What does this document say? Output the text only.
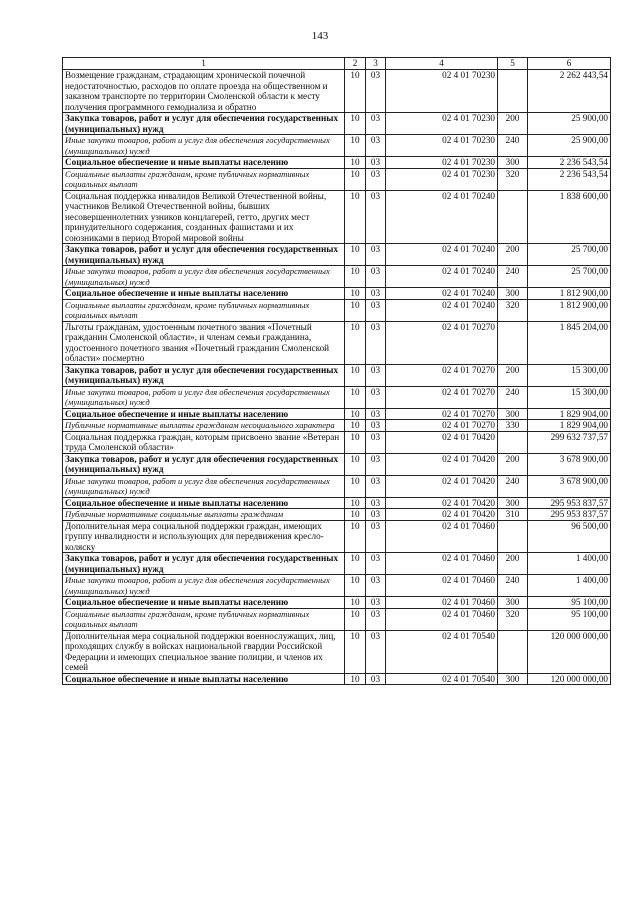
143
1	2	3	4	5	6
Возмещение гражданам, страдающим хронической почечной недостаточностью, расходов по оплате проезда на общественном и заказном транспорте по территории Смоленской области к месту получения программного гемодиализа и обратно	10	03	02 4 01 70230		2 262 443,54
Закупка товаров, работ и услуг для обеспечения государственных (муниципальных) нужд	10	03	02 4 01 70230	200	25 900,00
Иные закупки товаров, работ и услуг для обеспечения государственных (муниципальных) нужд	10	03	02 4 01 70230	240	25 900,00
Социальное обеспечение и иные выплаты населению	10	03	02 4 01 70230	300	2 236 543,54
Социальные выплаты гражданам, кроме публичных нормативных социальных выплат	10	03	02 4 01 70230	320	2 236 543,54
Социальная поддержка инвалидов Великой Отечественной войны, участников Великой Отечественной войны, бывших несовершеннолетних узников концлагерей, гетто, других мест принудительного содержания, созданных фашистами и их союзниками в период Второй мировой войны	10	03	02 4 01 70240		1 838 600,00
Закупка товаров, работ и услуг для обеспечения государственных (муниципальных) нужд	10	03	02 4 01 70240	200	25 700,00
Иные закупки товаров, работ и услуг для обеспечения государственных (муниципальных) нужд	10	03	02 4 01 70240	240	25 700,00
Социальное обеспечение и иные выплаты населению	10	03	02 4 01 70240	300	1 812 900,00
Социальные выплаты гражданам, кроме публичных нормативных социальных выплат	10	03	02 4 01 70240	320	1 812 900,00
Льготы гражданам, удостоенным почетного звания «Почетный гражданин Смоленской области», и членам семьи гражданина, удостоенного почетного звания «Почетный гражданин Смоленской области» посмертно	10	03	02 4 01 70270		1 845 204,00
Закупка товаров, работ и услуг для обеспечения государственных (муниципальных) нужд	10	03	02 4 01 70270	200	15 300,00
Иные закупки товаров, работ и услуг для обеспечения государственных (муниципальных) нужд	10	03	02 4 01 70270	240	15 300,00
Социальное обеспечение и иные выплаты населению	10	03	02 4 01 70270	300	1 829 904,00
Публичные нормативные выплаты гражданам несоциального характера	10	03	02 4 01 70270	330	1 829 904,00
Социальная поддержка граждан, которым присвоено звание «Ветеран труда Смоленской области»	10	03	02 4 01 70420		299 632 737,57
Закупка товаров, работ и услуг для обеспечения государственных (муниципальных) нужд	10	03	02 4 01 70420	200	3 678 900,00
Иные закупки товаров, работ и услуг для обеспечения государственных (муниципальных) нужд	10	03	02 4 01 70420	240	3 678 900,00
Социальное обеспечение и иные выплаты населению	10	03	02 4 01 70420	300	295 953 837,57
Публичные нормативные социальные выплаты гражданам	10	03	02 4 01 70420	310	295 953 837,57
Дополнительная мера социальной поддержки граждан, имеющих группу инвалидности и использующих для передвижения кресло-коляску	10	03	02 4 01 70460		96 500,00
Закупка товаров, работ и услуг для обеспечения государственных (муниципальных) нужд	10	03	02 4 01 70460	200	1 400,00
Иные закупки товаров, работ и услуг для обеспечения государственных (муниципальных) нужд	10	03	02 4 01 70460	240	1 400,00
Социальное обеспечение и иные выплаты населению	10	03	02 4 01 70460	300	95 100,00
Социальные выплаты гражданам, кроме публичных нормативных социальных выплат	10	03	02 4 01 70460	320	95 100,00
Дополнительная мера социальной поддержки военнослужащих, лиц, проходящих службу в войсках национальной гвардии Российской Федерации и имеющих специальное звание полиции, и членов их семей	10	03	02 4 01 70540		120 000 000,00
Социальное обеспечение и иные выплаты населению	10	03	02 4 01 70540	300	120 000 000,00
